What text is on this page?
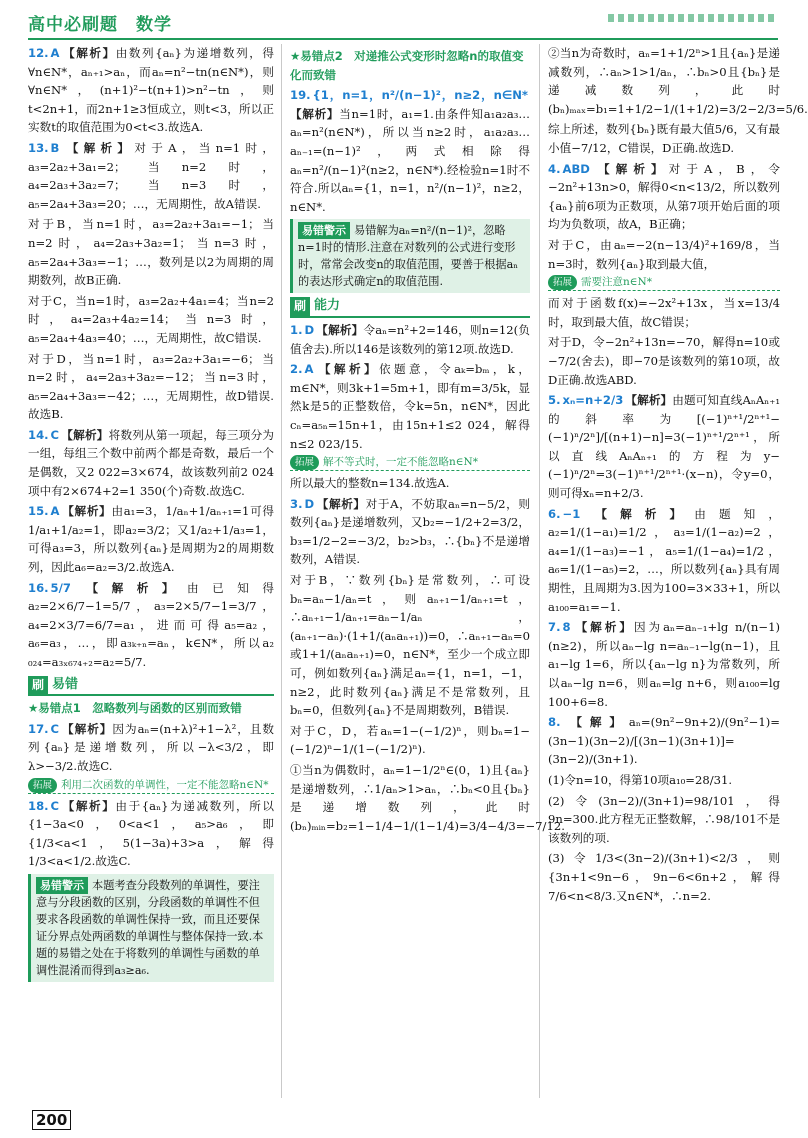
高中必刷题　数学

12. A 【解析】由数列{aₙ}为递增数列，得∀n∈N*，aₙ₊₁>aₙ，而aₙ=n²−tn(n∈N*)，则∀n∈N*，(n+1)²−t(n+1)>n²−tn，则t<2n+1，而2n+1≥3恒成立，则t<3，所以正实数t的取值范围为0<t<3.故选A.

13. B 【解析】对于A，当n=1时，a₃=2a₂+3a₁=2；当n=2时，a₄=2a₃+3a₂=7；当n=3时，a₅=2a₄+3a₃=20；…，无周期性，故A错误.

对于B，当n=1时，a₃=2a₂+3a₁=−1；当n=2时，a₄=2a₃+3a₂=1；当n=3时，a₅=2a₄+3a₃=−1；…，数列是以2为周期的周期数列，故B正确.

对于C，当n=1时，a₃=2a₂+4a₁=4；当n=2时，a₄=2a₃+4a₂=14；当n=3时，a₅=2a₄+4a₃=40；…，无周期性，故C错误.

对于D，当n=1时，a₃=2a₂+3a₁=−6；当n=2时，a₄=2a₃+3a₂=−12；当n=3时，a₅=2a₄+3a₃=−42；…，无周期性，故D错误.故选B.

14. C 【解析】将数列从第一项起，每三项分为一组，每组三个数中前两个都是奇数，最后一个是偶数，又2 022=3×674，故该数列前2 024项中有2×674+2=1 350(个)奇数.故选C.

15. A 【解析】由a₁=3，1/aₙ+1/aₙ₊₁=1可得1/a₁+1/a₂=1，即a₂=3/2；又1/a₂+1/a₃=1，可得a₃=3，所以数列{aₙ}是周期为2的周期数列，因此a₆=a₂=3/2.故选A.

16. 5/7 【解析】由已知得a₂=2×6/7−1=5/7，a₃=2×5/7−1=3/7，a₄=2×3/7=6/7=a₁，进而可得a₅=a₂，a₆=a₃，…，即a₃ₖ₊ₙ=aₙ，k∈N*，所以a₂ ₀₂₄=a₃ₓ₆₇₄₊₂=a₂=5/7.

刷 易错
★易错点1　忽略数列与函数的区别而致错

17. C 【解析】因为aₙ=(n+λ)²+1−λ²，且数列{aₙ}是递增数列，所以−λ<3/2，即λ>−3/2.故选C.

拓展 利用二次函数的单调性，一定不能忽略n∈N*

18. C 【解析】由于{aₙ}为递减数列，所以{1−3a<0，0<a<1，a₅>a₆，即{1/3<a<1，5(1−3a)+3>a，解得1/3<a<1/2.故选C.

易错警示 本题考查分段数列的单调性，要注意与分段函数的区别，分段函数的单调性不但要求各段函数的单调性保持一致，而且还要保证分界点处两函数的单调性与整体保持一致.本题的易错之处在于将数列的单调性与函数的单调性混淆而得到a₃≥a₆.
★易错点2　对递推公式变形时忽略n的取值变化而致错

19. {1，n=1，n²/(n−1)²，n≥2，n∈N*【解析】当n=1时，a₁=1.由条件知a₁a₂a₃…aₙ=n²(n∈N*)，所以当n≥2时，a₁a₂a₃…aₙ₋₁=(n−1)²，两式相除得aₙ=n²/(n−1)²(n≥2，n∈N*).经检验n=1时不符合.所以aₙ={1，n=1，n²/(n−1)²，n≥2，n∈N*.

易错警示 易错解为aₙ=n²/(n−1)²，忽略n=1时的情形.注意在对数列的公式进行变形时，常常会改变n的取值范围，要善于根据aₙ的表达形式确定n的取值范围.
刷 能力

1. D 【解析】令aₙ=n²+2=146，则n=12(负值舍去).所以146是该数列的第12项.故选D.

2. A 【解析】依题意，令aₖ=bₘ，k，m∈N*，则3k+1=5m+1，即有m=3/5k，显然k是5的正整数倍，令k=5n，n∈N*，因此cₙ=a₅ₙ=15n+1，由15n+1≤2 024，解得n≤2 023/15.

拓展 解不等式时，一定不能忽略n∈N*

所以最大的整数n=134.故选A.

3. D 【解析】对于A，不妨取aₙ=n−5/2，则数列{aₙ}是递增数列，又b₂=−1/2+2=3/2，b₃=1/2−2=−3/2，b₂>b₃，∴{bₙ}不是递增数列，A错误.

对于B，∵数列{bₙ}是常数列，∴可设bₙ=aₙ−1/aₙ=t，则aₙ₊₁−1/aₙ₊₁=t，∴aₙ₊₁−1/aₙ₊₁=aₙ−1/aₙ，(aₙ₊₁−aₙ)·(1+1/(aₙaₙ₊₁))=0，∴aₙ₊₁−aₙ=0或1+1/(aₙaₙ₊₁)=0，n∈N*，至少一个成立即可，例如数列{aₙ}满足aₙ={1，n=1，−1，n≥2，此时数列{aₙ}满足不是常数列，且bₙ=0，但数列{aₙ}不是周期数列，B错误.

对于C，D，若aₙ=1−(−1/2)ⁿ，则bₙ=1−(−1/2)ⁿ−1/(1−(−1/2)ⁿ).

①当n为偶数时，aₙ=1−1/2ⁿ∈(0，1)且{aₙ}是递增数列，∴1/aₙ>1>aₙ，∴bₙ<0且{bₙ}是递增数列，此时(bₙ)ₘᵢₙ=b₂=1−1/4−1/(1−1/4)=3/4−4/3=−7/12.

②当n为奇数时，aₙ=1+1/2ⁿ>1且{aₙ}是递减数列，∴aₙ>1>1/aₙ，∴bₙ>0且{bₙ}是递减数列，此时(bₙ)ₘₐₓ=b₁=1+1/2−1/(1+1/2)=3/2−2/3=5/6.

综上所述，数列{bₙ}既有最大值5/6，又有最小值−7/12，C错误，D正确.故选D.

4. ABD 【解析】对于A，B，令−2n²+13n>0，解得0<n<13/2，所以数列{aₙ}前6项为正数项，从第7项开始后面的项均为负数项，故A，B正确；

对于C，由aₙ=−2(n−13/4)²+169/8，当n=3时，数列{aₙ}取到最大值，

拓展 需要注意n∈N*

而对于函数f(x)=−2x²+13x，当x=13/4时，取到最大值，故C错误；

对于D，令−2n²+13n=−70，解得n=10或−7/2(舍去)，即−70是该数列的第10项，故D正确.故选ABD.

5. xₙ=n+2/3 【解析】由题可知直线AₙAₙ₊₁的斜率为[(−1)ⁿ⁺¹/2ⁿ⁺¹−(−1)ⁿ/2ⁿ]/[(n+1)−n]=3(−1)ⁿ⁺¹/2ⁿ⁺¹，所以直线AₙAₙ₊₁的方程为y−(−1)ⁿ/2ⁿ=3(−1)ⁿ⁺¹/2ⁿ⁺¹·(x−n)，令y=0，则可得xₙ=n+2/3.

6. −1 【解析】由题知，a₂=1/(1−a₁)=1/2，a₃=1/(1−a₂)=2，a₄=1/(1−a₃)=−1，a₅=1/(1−a₄)=1/2，a₆=1/(1−a₅)=2，…，所以数列{aₙ}具有周期性，且周期为3.因为100=3×33+1，所以a₁₀₀=a₁=−1.

7. 8 【解析】因为aₙ=aₙ₋₁+lg n/(n−1)(n≥2)，所以aₙ−lg n=aₙ₋₁−lg(n−1)，且a₁−lg 1=6，所以{aₙ−lg n}为常数列，所以aₙ−lg n=6，则aₙ=lg n+6，则a₁₀₀=lg 100+6=8.

8. 【解】aₙ=(9n²−9n+2)/(9n²−1)=(3n−1)(3n−2)/[(3n−1)(3n+1)]=(3n−2)/(3n+1).

(1)令n=10，得第10项a₁₀=28/31.

(2)令(3n−2)/(3n+1)=98/101，得9n=300.此方程无正整数解，∴98/101不是该数列的项.

(3)令1/3<(3n−2)/(3n+1)<2/3，则{3n+1<9n−6，9n−6<6n+2，解得7/6<n<8/3.又n∈N*，∴n=2.

200
